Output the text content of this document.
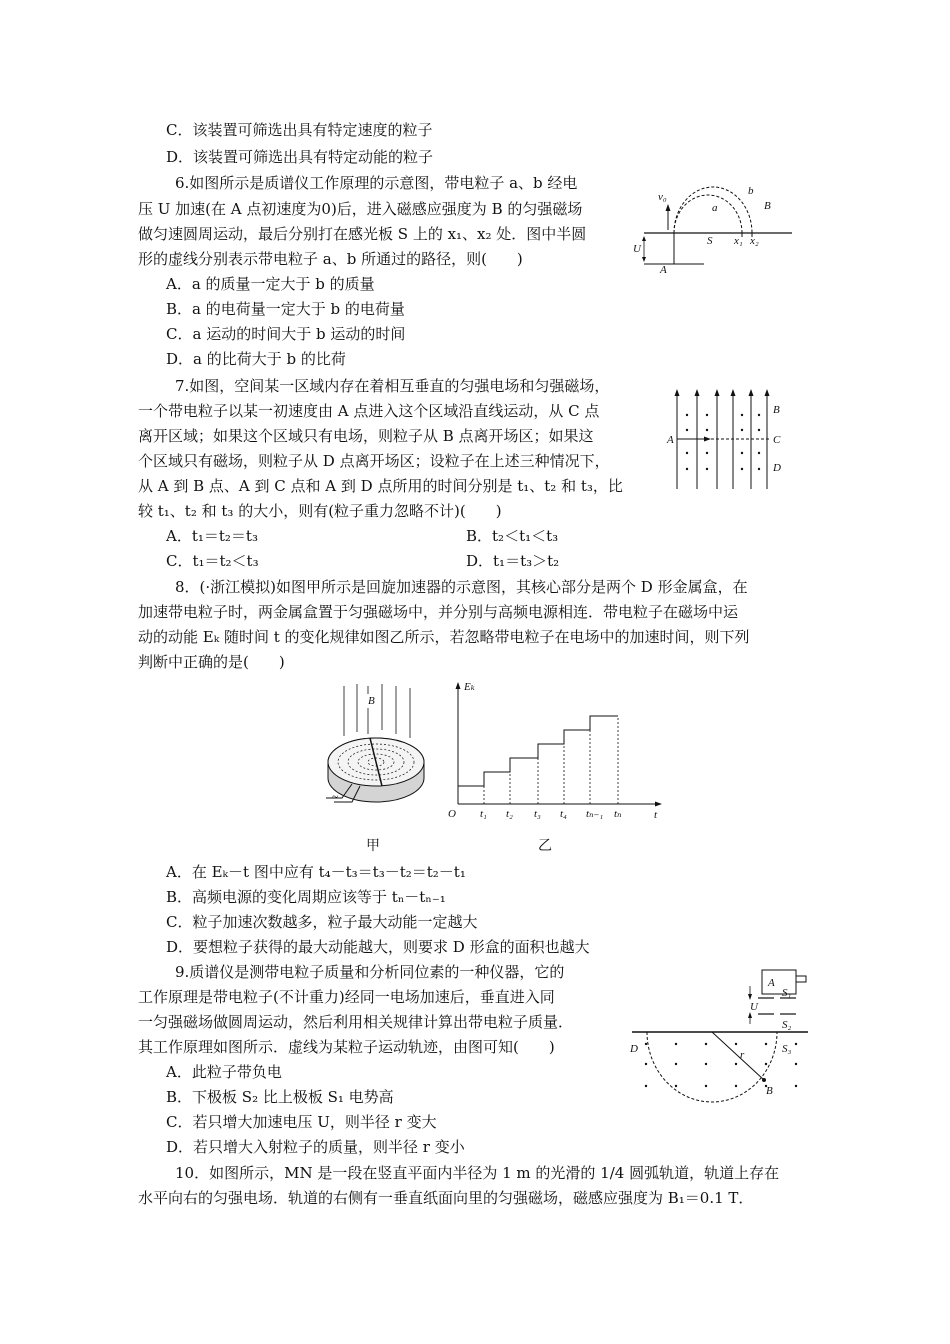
C．该装置可筛选出具有特定速度的粒子
D．该装置可筛选出具有特定动能的粒子
6.如图所示是质谱仪工作原理的示意图，带电粒子 a、b 经电
压 U 加速(在 A 点初速度为0)后，进入磁感应强度为 B 的匀强磁场
做匀速圆周运动，最后分别打在感光板 S 上的 x₁、x₂ 处．图中半圆
形的虚线分别表示带电粒子 a、b 所通过的路径，则(　　)
A．a 的质量一定大于 b 的质量
B．a 的电荷量一定大于 b 的电荷量
C．a 运动的时间大于 b 运动的时间
D．a 的比荷大于 b 的比荷
v₀	b
a	B
S x₁ x₂
U
A
7.如图，空间某一区域内存在着相互垂直的匀强电场和匀强磁场，
一个带电粒子以某一初速度由 A 点进入这个区域沿直线运动，从 C 点
离开区域；如果这个区域只有电场，则粒子从 B 点离开场区；如果这
个区域只有磁场，则粒子从 D 点离开场区；设粒子在上述三种情况下，
从 A 到 B 点、A 到 C 点和 A 到 D 点所用的时间分别是 t₁、t₂ 和 t₃，比
较 t₁、t₂ 和 t₃ 的大小，则有(粒子重力忽略不计)(　　)
A．t₁＝t₂＝t₃	B．t₂＜t₁＜t₃
C．t₁＝t₂＜t₃	D．t₁＝t₃＞t₂
A
B
C
D
8．(·浙江模拟)如图甲所示是回旋加速器的示意图，其核心部分是两个 D 形金属盒，在
加速带电粒子时，两金属盒置于匀强磁场中，并分别与高频电源相连．带电粒子在磁场中运
动的动能 Eₖ 随时间 t 的变化规律如图乙所示，若忽略带电粒子在电场中的加速时间，则下列
判断中正确的是(　　)
~
B
甲
t₁ t₂ t₃ t₄ tₙ₋₁ tₙ
Eₖ
t
O
乙
A．在 Eₖ－t 图中应有 t₄－t₃＝t₃－t₂＝t₂－t₁
B．高频电源的变化周期应该等于 tₙ－tₙ₋₁
C．粒子加速次数越多，粒子最大动能一定越大
D．要想粒子获得的最大动能越大，则要求 D 形盒的面积也越大
9.质谱仪是测带电粒子质量和分析同位素的一种仪器，它的
工作原理是带电粒子(不计重力)经同一电场加速后，垂直进入同
一匀强磁场做圆周运动，然后利用相关规律计算出带电粒子质量．
其工作原理如图所示．虚线为某粒子运动轨迹，由图可知(　　)
A．此粒子带负电
B．下极板 S₂ 比上极板 S₁ 电势高
C．若只增大加速电压 U，则半径 r 变大
D．若只增大入射粒子的质量，则半径 r 变小
A
U
S₁
S₂
S₃
D	r
B
10．如图所示，MN 是一段在竖直平面内半径为 1 m 的光滑的 1/4 圆弧轨道，轨道上存在
水平向右的匀强电场．轨道的右侧有一垂直纸面向里的匀强磁场，磁感应强度为 B₁＝0.1 T．
